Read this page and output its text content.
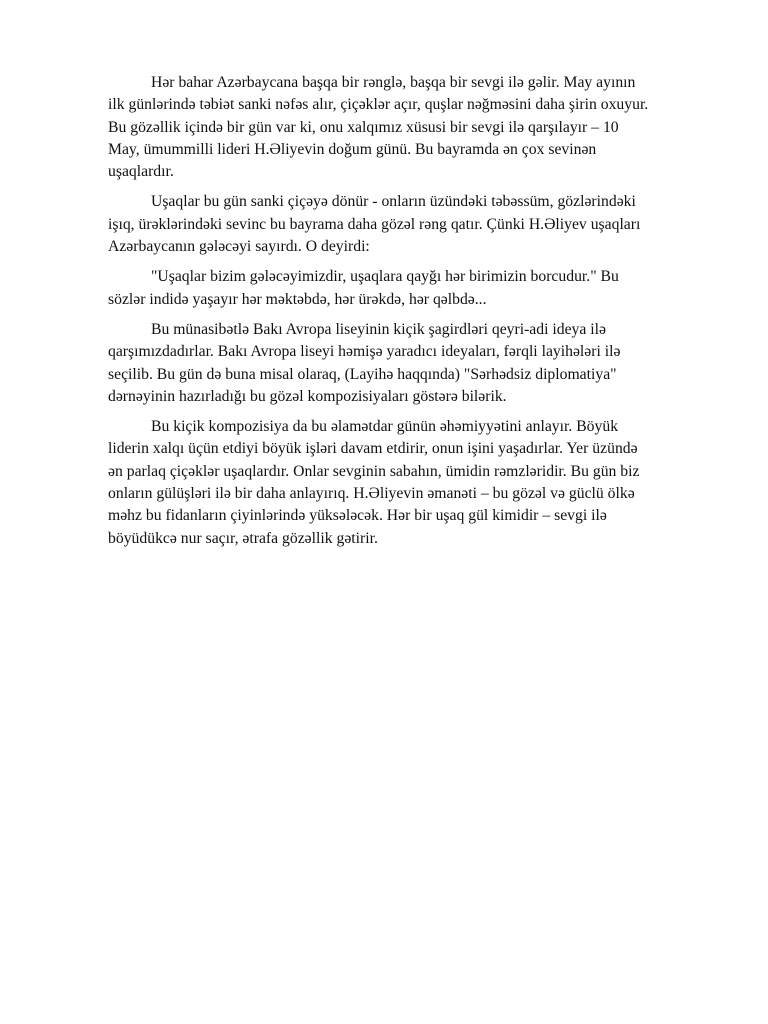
Hər bahar Azərbaycana başqa bir rənglə, başqa bir sevgi ilə gəlir. May ayının
ilk günlərində təbiət sanki nəfəs alır, çiçəklər açır, quşlar nəğməsini daha şirin oxuyur.
Bu gözəllik içində bir gün var ki, onu xalqımız xüsusi bir sevgi ilə qarşılayır – 10
May, ümummilli lideri H.Əliyevin doğum günü. Bu bayramda ən çox sevinən
uşaqlardır.

Uşaqlar bu gün sanki çiçəyə dönür - onların üzündəki təbəssüm, gözlərindəki
işıq, ürəklərindəki sevinc bu bayrama daha gözəl rəng qatır. Çünki H.Əliyev uşaqları
Azərbaycanın gələcəyi sayırdı. O deyirdi:

"Uşaqlar bizim gələcəyimizdir, uşaqlara qayğı hər birimizin borcudur." Bu
sözlər indidə yaşayır hər məktəbdə, hər ürəkdə, hər qəlbdə...

Bu münasibətlə Bakı Avropa liseyinin kiçik şagirdləri qeyri-adi ideya ilə
qarşımızdadırlar. Bakı Avropa liseyi həmişə yaradıcı ideyaları, fərqli layihələri ilə
seçilib. Bu gün də buna misal olaraq, (Layihə haqqında) "Sərhədsiz diplomatiya"
dərnəyinin hazırladığı bu gözəl kompozisiyaları göstərə bilərik.

Bu kiçik kompozisiya da bu əlamətdar günün əhəmiyyətini anlayır. Böyük
liderin xalqı üçün etdiyi böyük işləri davam etdirir, onun işini yaşadırlar. Yer üzündə
ən parlaq çiçəklər uşaqlardır. Onlar sevginin sabahın, ümidin rəmzləridir. Bu gün biz
onların gülüşləri ilə bir daha anlayırıq. H.Əliyevin əmanəti – bu gözəl və güclü ölkə
məhz bu fidanların çiyinlərində yüksələcək. Hər bir uşaq gül kimidir – sevgi ilə
böyüdükcə nur saçır, ətrafa gözəllik gətirir.
